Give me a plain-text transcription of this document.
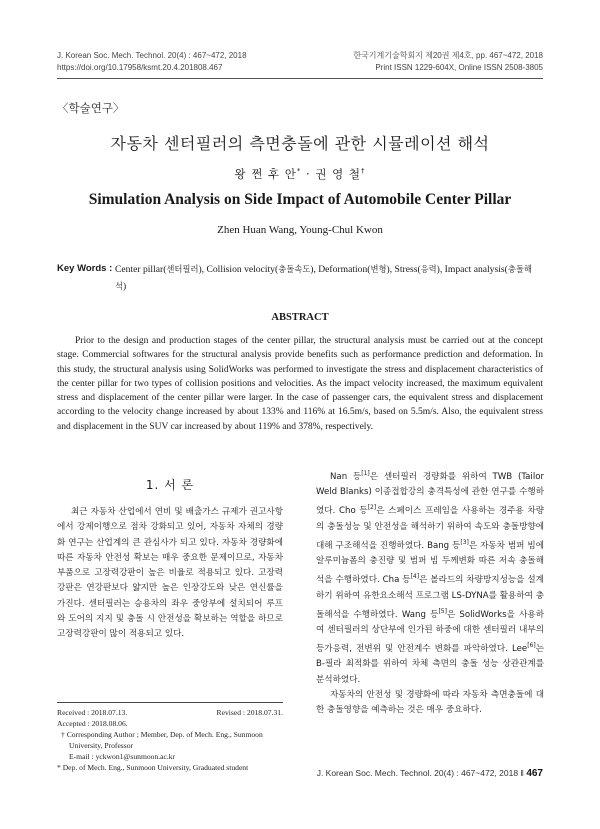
J. Korean Soc. Mech. Technol. 20(4) : 467~472, 2018
https://doi.org/10.17958/ksmt.20.4.201808.467
한국기계기술학회지 제20권 제4호, pp. 467~472, 2018
Print ISSN 1229-604X, Online ISSN 2508-3805
〈학술연구〉
자동차 센터필러의 측면충돌에 관한 시뮬레이션 해석
왕 쩐 후 안* · 권 영 철†
Simulation Analysis on Side Impact of Automobile Center Pillar
Zhen Huan Wang, Young-Chul Kwon
Key Words : Center pillar(센터필러), Collision velocity(충돌속도), Deformation(변형), Stress(응력), Impact analysis(충돌해석)
ABSTRACT
Prior to the design and production stages of the center pillar, the structural analysis must be carried out at the concept stage. Commercial softwares for the structural analysis provide benefits such as performance prediction and deformation. In this study, the structural analysis using SolidWorks was performed to investigate the stress and displacement characteristics of the center pillar for two types of collision positions and velocities. As the impact velocity increased, the maximum equivalent stress and displacement of the center pillar were larger. In the case of passenger cars, the equivalent stress and displacement according to the velocity change increased by about 133% and 116% at 16.5m/s, based on 5.5m/s. Also, the equivalent stress and displacement in the SUV car increased by about 119% and 378%, respectively.
1. 서 론
최근 자동차 산업에서 연비 및 배출가스 규제가 권고사항에서 강제이행으로 점차 강화되고 있어, 자동차 자체의 경량화 연구는 산업계의 큰 관심사가 되고 있다. 자동차 경량화에 따른 자동차 안전성 확보는 매우 중요한 문제이므로, 자동차 부품으로 고장력강판이 높은 비율로 적용되고 있다. 고장력강판은 연강판보다 얇지만 높은 인장강도와 낮은 연신률을 가진다. 센터필러는 승용차의 좌우 중앙부에 설치되어 루프와 도어의 지지 및 충돌 시 안전성을 확보하는 역할을 하므로 고장력강판이 많이 적용되고 있다.
Nan 등[1]은 센터필러 경량화를 위하여 TWB (Tailor Weld Blanks) 이종접합강의 충격특성에 관한 연구를 수행하였다. Cho 등[2]은 스페이스 프레임을 사용하는 경주용 차량의 충돌성능 및 안전성을 해석하기 위하여 속도와 충돌방향에 대해 구조해석을 진행하였다. Bang 등[3]은 자동차 범퍼 빔에 알루미늄폼의 충진량 및 범퍼 빔 두께변화 따른 저속 충돌해석을 수행하였다. Cha 등[4]은 볼라드의 차량방지성능을 설계하기 위하여 유한요소해석 프로그램 LS-DYNA를 활용하여 충돌해석을 수행하였다. Wang 등[5]은 SolidWorks을 사용하여 센터필러의 상단부에 인가된 하중에 대한 센터필러 내부의 등가응력, 전변위 및 안전계수 변화를 파악하였다. Lee[6]는 B-필라 최적화를 위하여 차체 측면의 충돌 성능 상관관계를 분석하였다.
자동차의 안전성 및 경량화에 따라 자동차 측면충돌에 대한 충돌영향을 예측하는 것은 매우 중요하다.
Received : 2018.07.13.	Revised : 2018.07.31.
Accepted : 2018.08.06.
† Corresponding Author ; Member, Dep. of Mech. Eng., Sunmoon University, Professor
E-mail : yckwon1@sunmoon.ac.kr
* Dep. of Mech. Eng., Sunmoon University, Graduated student
J. Korean Soc. Mech. Technol. 20(4) : 467~472, 2018 ‖ 467
